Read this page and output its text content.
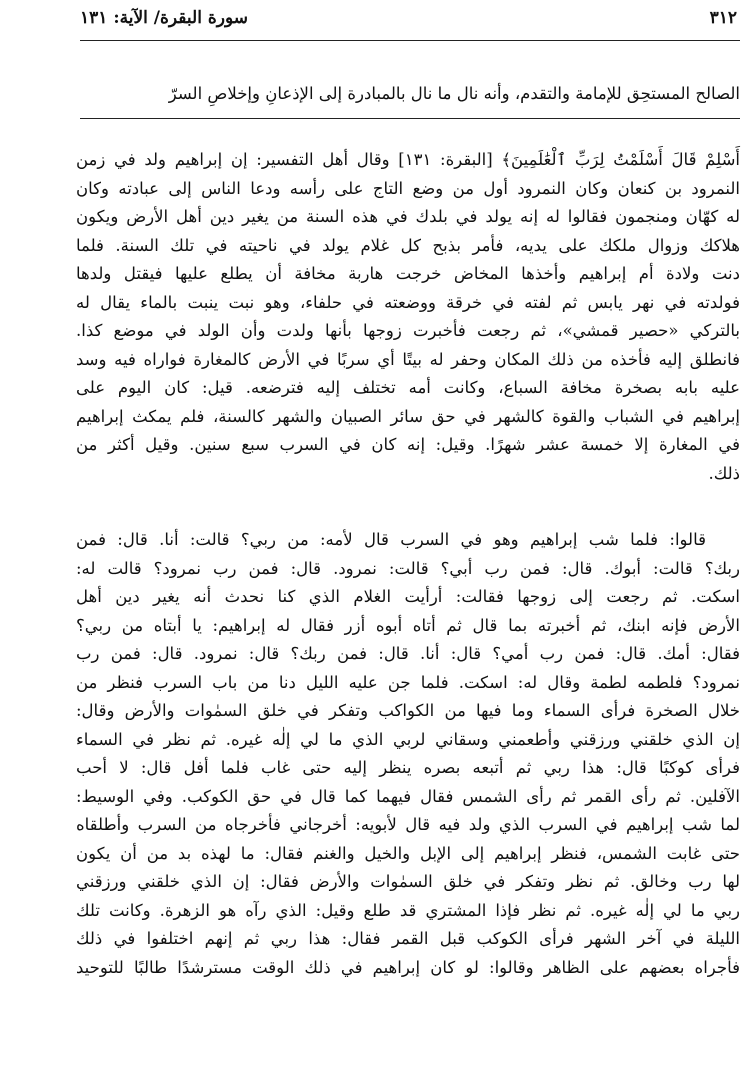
٣١٢
سورة البقرة/ الآية: ١٣١
الصالح المستحِق للإمامة والتقدم، وأنه نال ما نال بالمبادرة إلى الإذعانِ وإخلاصِ السرّ
أَسْلِمْ قَالَ أَسْلَمْتُ لِرَبِّ ٱلْعَٰلَمِينَ﴾ [البقرة: ١٣١] وقال أهل التفسير: إن إبراهيم ولد في زمن
النمرود بن كنعان وكان النمرود أول من وضع التاج على رأسه ودعا الناس إلى عبادته وكان
له كهّان ومنجمون فقالوا له إنه يولد في بلدك في هذه السنة من يغير دين أهل الأرض ويكون
هلاكك وزوال ملكك على يديه، فأمر بذبح كل غلام يولد في ناحيته في تلك السنة. فلما
دنت ولادة أم إبراهيم وأخذها المخاض خرجت هاربة مخافة أن يطلع عليها فيقتل ولدها
فولدته في نهر يابس ثم لفته في خرقة ووضعته في حلفاء، وهو نبت ينبت بالماء يقال له
بالتركي «حصير قمشي»، ثم رجعت فأخبرت زوجها بأنها ولدت وأن الولد في موضع كذا.
فانطلق إليه فأخذه من ذلك المكان وحفر له بيتًا أي سربًا في الأرض كالمغارة فواراه فيه وسد
عليه بابه بصخرة مخافة السباع، وكانت أمه تختلف إليه فترضعه. قيل: كان اليوم على
إبراهيم في الشباب والقوة كالشهر في حق سائر الصبيان والشهر كالسنة، فلم يمكث إبراهيم
في المغارة إلا خمسة عشر شهرًا. وقيل: إنه كان في السرب سبع سنين. وقيل أكثر من
ذلك.
قالوا: فلما شب إبراهيم وهو في السرب قال لأمه: من ربي؟ قالت: أنا. قال: فمن
ربك؟ قالت: أبوك. قال: فمن رب أبي؟ قالت: نمرود. قال: فمن رب نمرود؟ قالت له:
اسكت. ثم رجعت إلى زوجها فقالت: أرأيت الغلام الذي كنا نحدث أنه يغير دين أهل
الأرض فإنه ابنك، ثم أخبرته بما قال ثم أتاه أبوه أزر فقال له إبراهيم: يا أبتاه من ربي؟
فقال: أمك. قال: فمن رب أمي؟ قال: أنا. قال: فمن ربك؟ قال: نمرود. قال: فمن رب
نمرود؟ فلطمه لطمة وقال له: اسكت. فلما جن عليه الليل دنا من باب السرب فنظر من
خلال الصخرة فرأى السماء وما فيها من الكواكب وتفكر في خلق السمٰوات والأرض وقال:
إن الذي خلقني ورزقني وأطعمني وسقاني لربي الذي ما لي إلٰه غيره. ثم نظر في السماء
فرأى كوكبًا قال: هذا ربي ثم أتبعه بصره ينظر إليه حتى غاب فلما أفل قال: لا أحب
الآفلين. ثم رأى القمر ثم رأى الشمس فقال فيهما كما قال في حق الكوكب. وفي الوسيط:
لما شب إبراهيم في السرب الذي ولد فيه قال لأبويه: أخرجاني فأخرجاه من السرب وأطلقاه
حتى غابت الشمس، فنظر إبراهيم إلى الإبل والخيل والغنم فقال: ما لهذه بد من أن يكون
لها رب وخالق. ثم نظر وتفكر في خلق السمٰوات والأرض فقال: إن الذي خلقني ورزقني
ربي ما لي إلٰه غيره. ثم نظر فإذا المشتري قد طلع وقيل: الذي رآه هو الزهرة. وكانت تلك
الليلة في آخر الشهر فرأى الكوكب قبل القمر فقال: هذا ربي ثم إنهم اختلفوا في ذلك
فأجراه بعضهم على الظاهر وقالوا: لو كان إبراهيم في ذلك الوقت مسترشدًا طالبًا للتوحيد
